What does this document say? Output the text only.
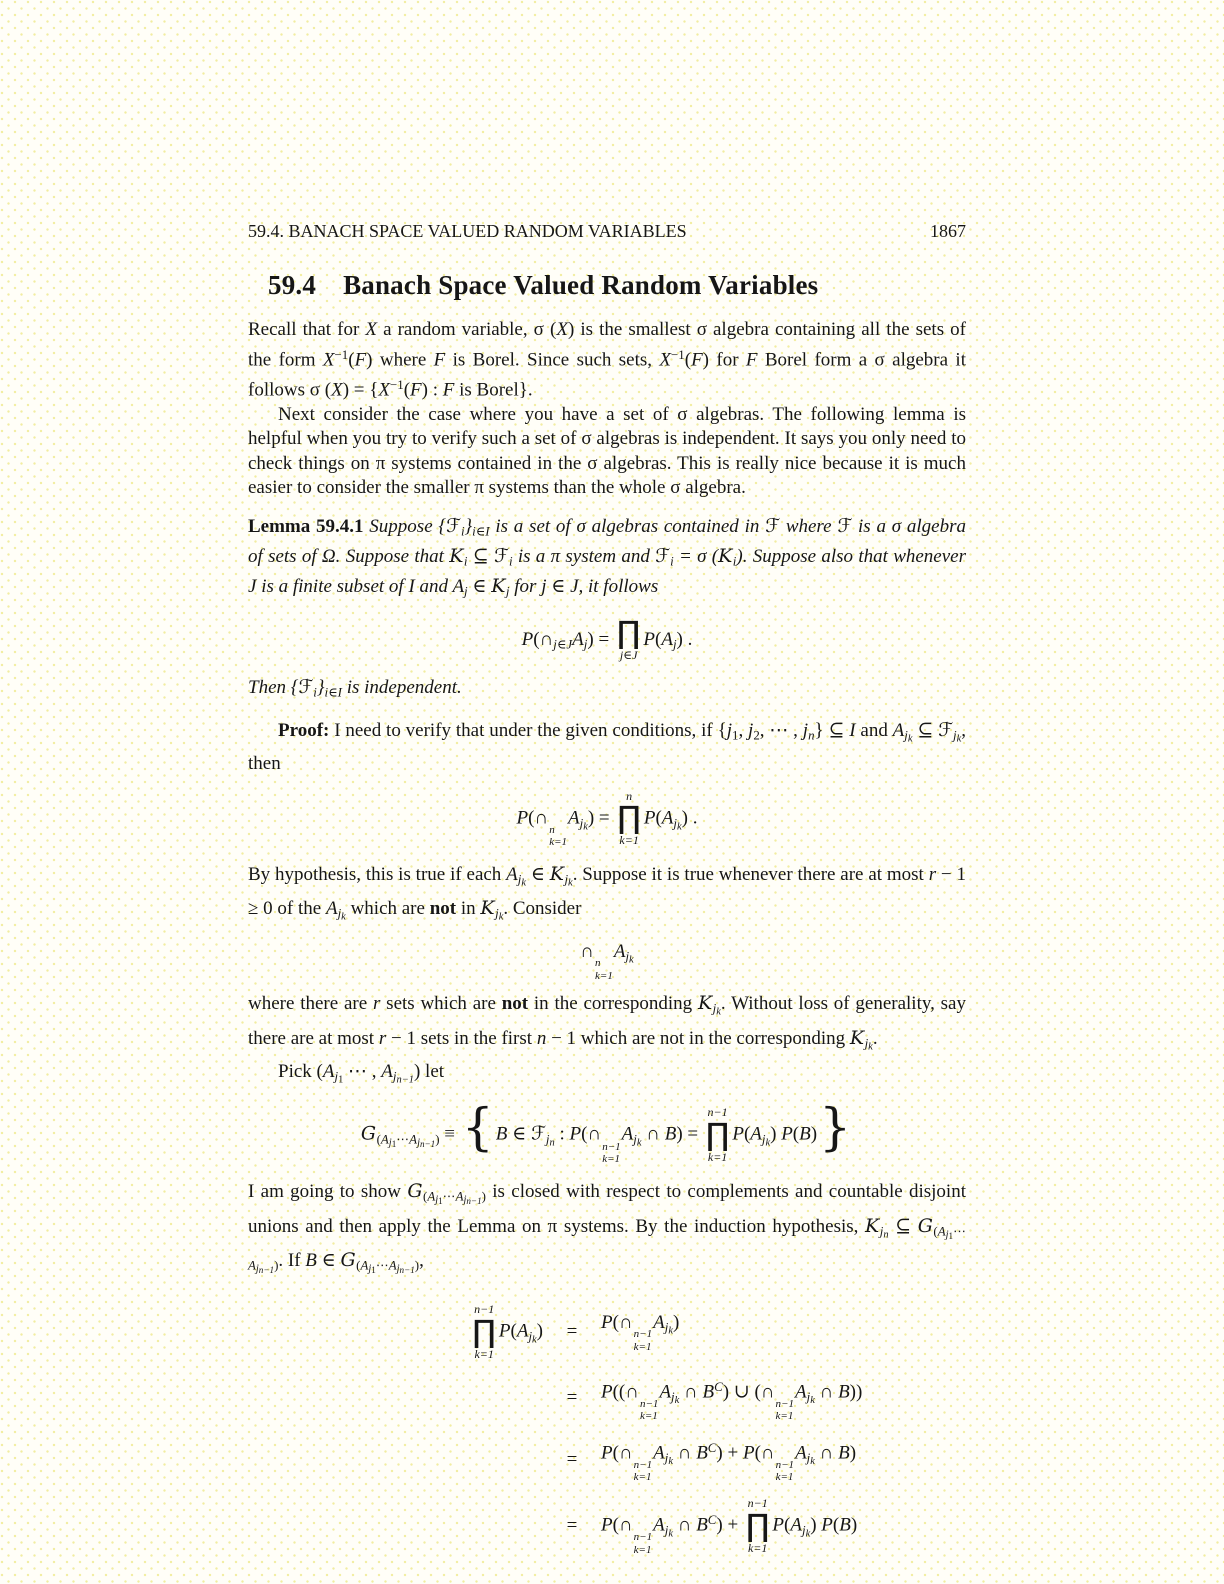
59.4. BANACH SPACE VALUED RANDOM VARIABLES	1867
59.4 Banach Space Valued Random Variables
Recall that for X a random variable, σ (X) is the smallest σ algebra containing all the sets of the form $X^{-1}(F)$ where F is Borel. Since such sets, $X^{-1}(F)$ for F Borel form a σ algebra it follows σ $(X) = \{X^{-1}(F)$ : F is Borel}.
Next consider the case where you have a set of σ algebras. The following lemma is helpful when you try to verify such a set of σ algebras is independent. It says you only need to check things on π systems contained in the σ algebras. This is really nice because it is much easier to consider the smaller π systems than the whole σ algebra.
Lemma 59.4.1 Suppose $\{ℱ_i\}_{i\in I}$ is a set of σ algebras contained in ℱ where ℱ is a σ algebra of sets of Ω. Suppose that $K_i$ ⊆ ℱ$_i$ is a π system and ℱ$_i$ = σ $(K_i)$. Suppose also that whenever J is a finite subset of I and $A_j$ ∈ $K_j$ for j ∈ J, it follows
$P(\cap_{j\in J}A_j)$ = ∏
j∈J
$P(A_j)$ .
Then $\{ℱ_i\}_{i\in I}$ is independent.
Proof: I need to verify that under the given conditions, if {$j_1$, $j_2$, ⋯ , $j_n$} ⊆ I and $A_{jk}$ ⊆ ℱ$_{jk}$, then
P(∩
n
k=1
$A_{jk}$) =
n
∏
k=1
$P(A_{jk})$ .
By hypothesis, this is true if each $A_{jk}$ ∈ $K_{jk}$. Suppose it is true whenever there are at most r − 1 ≥ 0 of the $A_{jk}$ which are not in $K_{jk}$. Consider
∩
n
k=1
$A_{jk}$
where there are r sets which are not in the corresponding $K_{jk}$. Without loss of generality, say there are at most r − 1 sets in the first n − 1 which are not in the corresponding $K_{jk}$.
Pick ($A_{j1}$ ⋯ , $A_{jn-1}$) let
$G_{(Aj1\cdots Ajn-1)}$ ≡ { B ∈ ℱ$_{jn}$ : P(∩
n−1
k=1
$A_{jk}$ ∩ B) =
n−1
∏
k=1
$P(A_{jk})$ P(B)}
I am going to show $G_{(Aj1\cdots Ajn-1)}$ is closed with respect to complements and countable disjoint unions and then apply the Lemma on π systems. By the induction hypothesis, $K_{jn}$ ⊆ $G_{(Aj1\cdots Ajn-1)}$. If B ∈ $G_{(Aj1\cdots Ajn-1)}$,
n−1
∏
k=1
$P(A_{jk})$	=	P(∩
n−1
k=1
$A_{jk}$)
=	P((∩
n−1
k=1
$A_{jk}$ ∩ $B^C$) ∪ (∩
n−1
k=1
$A_{jk}$ ∩ B))
=	P(∩
n−1
k=1
$A_{jk}$ ∩ $B^C$) + P(∩
n−1
k=1
$A_{jk}$ ∩ B)
=	P(∩
n−1
k=1
$A_{jk}$ ∩ $B^C$) +
n−1
∏
k=1
$P(A_{jk})$ P(B)
